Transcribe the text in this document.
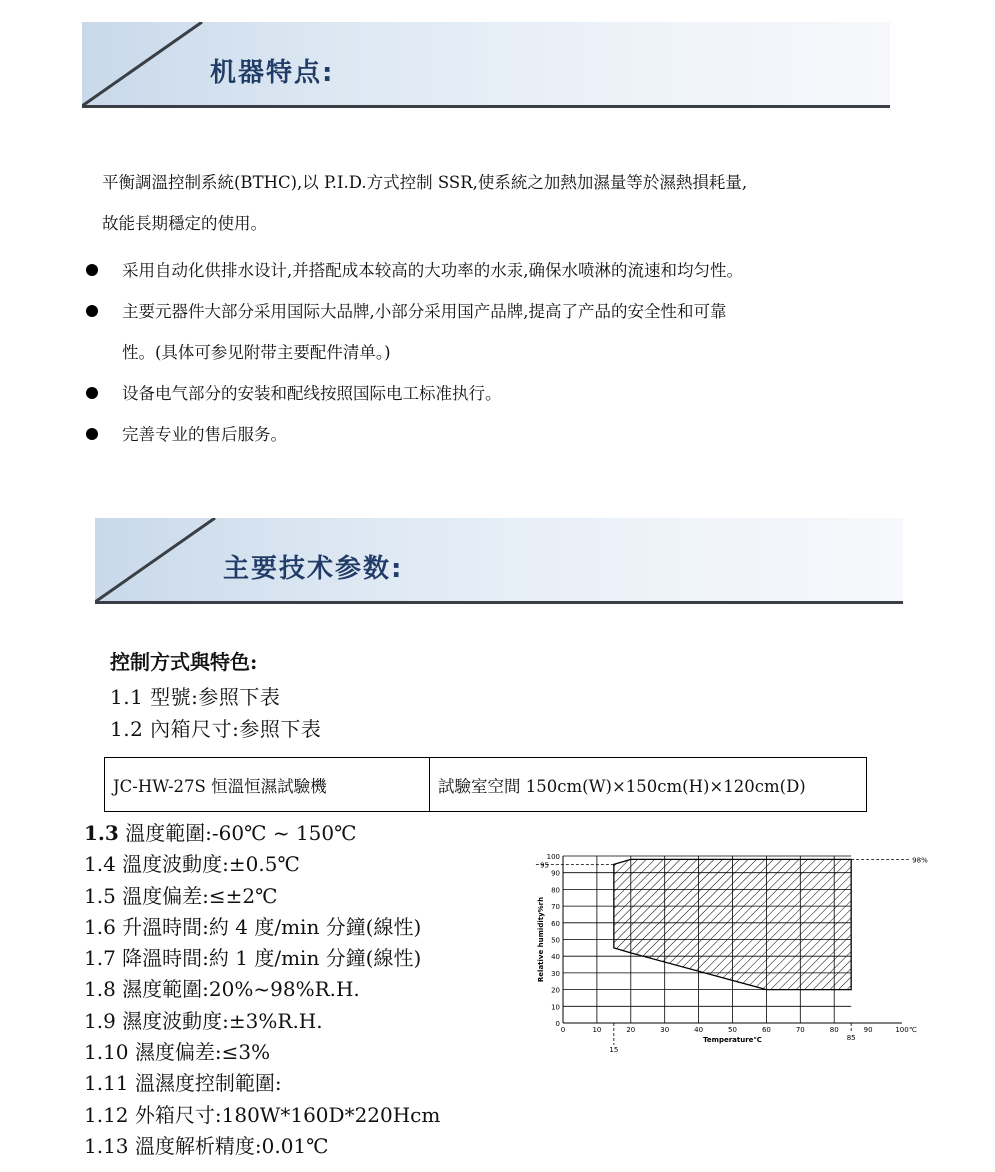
机器特点:
平衡調溫控制系統(BTHC),以 P.I.D.方式控制 SSR,使系統之加熱加濕量等於濕熱損耗量,
故能長期穩定的使用。
采用自动化供排水设计,并搭配成本较高的大功率的水汞,确保水喷淋的流速和均匀性。
主要元器件大部分采用国际大品牌,小部分采用国产品牌,提高了产品的安全性和可靠
性。(具体可参见附带主要配件清单。)
设备电气部分的安装和配线按照国际电工标准执行。
完善专业的售后服务。
主要技术参数:
控制方式與特色:
1.1 型號:参照下表
1.2 內箱尺寸:参照下表
JC-HW-27S 恒溫恒濕試驗機	試驗室空間 150cm(W)×150cm(H)×120cm(D)
1.3 溫度範圍:-60℃ ~ 150℃
1.4 溫度波動度:±0.5℃
1.5 溫度偏差:≤±2℃
1.6 升溫時間:約 4 度/min 分鐘(線性)
1.7 降溫時間:約 1 度/min 分鐘(線性)
1.8 濕度範圍:20%~98%R.H.
1.9 濕度波動度:±3%R.H.
1.10 濕度偏差:≤3%
1.11 溫濕度控制範圍:
1.12 外箱尺寸:180W*160D*220Hcm
1.13 溫度解析精度:0.01℃
0
10
20
30
40
50
60
70
80
90
100
0	10	20	30	40	50	60	70	80	90	100 ℃
95
98%
15
85
Temperature℃
Relative humidity%rh
